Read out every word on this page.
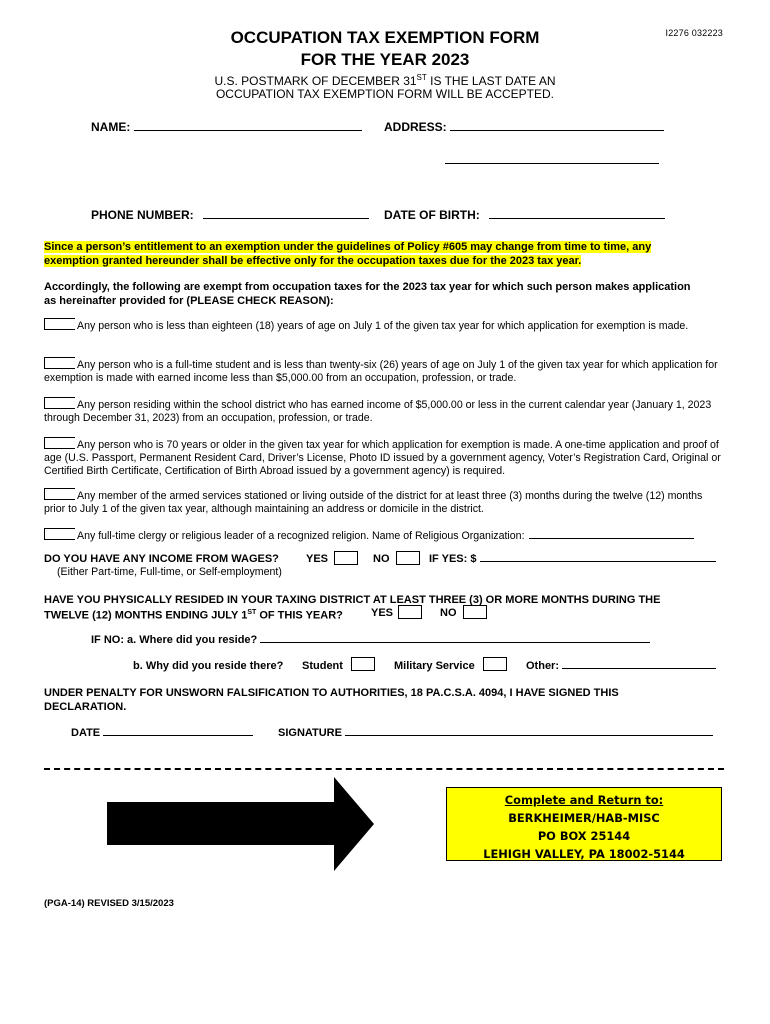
I2276 032223
OCCUPATION TAX EXEMPTION FORM
FOR THE YEAR 2023
U.S. POSTMARK OF DECEMBER 31ST IS THE LAST DATE AN
OCCUPATION TAX EXEMPTION FORM WILL BE ACCEPTED.
NAME:	ADDRESS:
PHONE NUMBER:	DATE OF BIRTH:
Since a person’s entitlement to an exemption under the guidelines of Policy #605 may change from time to time, any
exemption granted hereunder shall be effective only for the occupation taxes due for the 2023 tax year.
Accordingly, the following are exempt from occupation taxes for the 2023 tax year for which such person makes application
as hereinafter provided for (PLEASE CHECK REASON):
Any person who is less than eighteen (18) years of age on July 1 of the given tax year for which application for exemption is made.
Any person who is a full-time student and is less than twenty-six (26) years of age on July 1 of the given tax year for which application for exemption is made with earned income less than $5,000.00 from an occupation, profession, or trade.
Any person residing within the school district who has earned income of $5,000.00 or less in the current calendar year (January 1, 2023 through December 31, 2023) from an occupation, profession, or trade.
Any person who is 70 years or older in the given tax year for which application for exemption is made. A one-time application and proof of age (U.S. Passport, Permanent Resident Card, Driver’s License, Photo ID issued by a government agency, Voter’s Registration Card, Original or Certified Birth Certificate, Certification of Birth Abroad issued by a government agency) is required.
Any member of the armed services stationed or living outside of the district for at least three (3) months during the twelve (12) months prior to July 1 of the given tax year, although maintaining an address or domicile in the district.
Any full-time clergy or religious leader of a recognized religion. Name of Religious Organization:
DO YOU HAVE ANY INCOME FROM WAGES? YES	NO	IF YES: $
(Either Part-time, Full-time, or Self-employment)
HAVE YOU PHYSICALLY RESIDED IN YOUR TAXING DISTRICT AT LEAST THREE (3) OR MORE MONTHS DURING THE
TWELVE (12) MONTHS ENDING JULY 1ST OF THIS YEAR?	YES	NO
IF NO: a. Where did you reside?
b. Why did you reside there? Student	Military Service	Other:
UNDER PENALTY FOR UNSWORN FALSIFICATION TO AUTHORITIES, 18 PA.C.S.A. 4094, I HAVE SIGNED THIS
DECLARATION.
DATE	SIGNATURE
Complete and Return to:
BERKHEIMER/HAB-MISC
PO BOX 25144
LEHIGH VALLEY, PA 18002-5144
(PGA-14) REVISED 3/15/2023
